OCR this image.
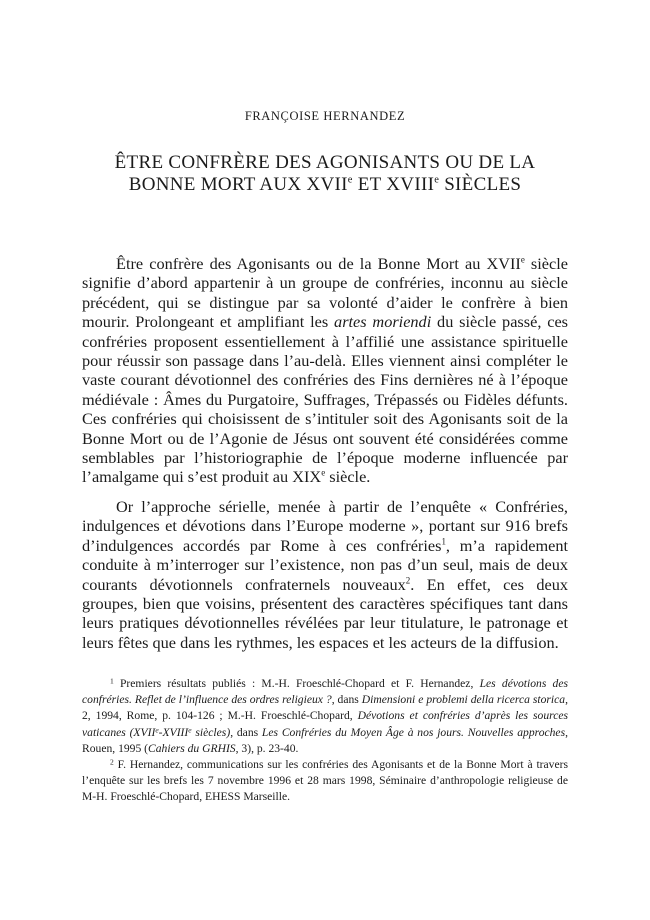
FRANÇOISE HERNANDEZ
ÊTRE CONFRÈRE DES AGONISANTS OU DE LA
BONNE MORT AUX XVIIe ET XVIIIe SIÈCLES

Être confrère des Agonisants ou de la Bonne Mort au XVIIe siècle signifie d’abord appartenir à un groupe de confréries, inconnu au siècle précédent, qui se distingue par sa volonté d’aider le confrère à bien mourir. Prolongeant et amplifiant les artes moriendi du siècle passé, ces confréries proposent essentiellement à l’affilié une assistance spirituelle pour réussir son passage dans l’au-delà. Elles viennent ainsi compléter le vaste courant dévotionnel des confréries des Fins dernières né à l’époque médiévale : Âmes du Purgatoire, Suffrages, Trépassés ou Fidèles défunts. Ces confréries qui choisissent de s’intituler soit des Agonisants soit de la Bonne Mort ou de l’Agonie de Jésus ont souvent été considérées comme semblables par l’historiographie de l’époque moderne influencée par l’amalgame qui s’est produit au XIXe siècle.

Or l’approche sérielle, menée à partir de l’enquête « Confréries, indulgences et dévotions dans l’Europe moderne », portant sur 916 brefs d’indulgences accordés par Rome à ces confréries$^1$, m’a rapidement conduite à m’interroger sur l’existence, non pas d’un seul, mais de deux courants dévotionnels confraternels nouveaux$^2$. En effet, ces deux groupes, bien que voisins, présentent des caractères spécifiques tant dans leurs pratiques dévotionnelles révélées par leur titulature, le patronage et leurs fêtes que dans les rythmes, les espaces et les acteurs de la diffusion.

$^1$ Premiers résultats publiés : M.-H. Froeschlé-Chopard et F. Hernandez, Les dévotions des confréries. Reflet de l’influence des ordres religieux ?, dans Dimensioni e problemi della ricerca storica, 2, 1994, Rome, p. 104-126 ; M.-H. Froeschlé-Chopard, Dévotions et confréries d’après les sources vaticanes (XVIIe-XVIIIe siècles), dans Les Confréries du Moyen Âge à nos jours. Nouvelles approches, Rouen, 1995 (Cahiers du GRHIS, 3), p. 23-40.

$^2$ F. Hernandez, communications sur les confréries des Agonisants et de la Bonne Mort à travers l’enquête sur les brefs les 7 novembre 1996 et 28 mars 1998, Séminaire d’anthropologie religieuse de M-H. Froeschlé-Chopard, EHESS Marseille.
